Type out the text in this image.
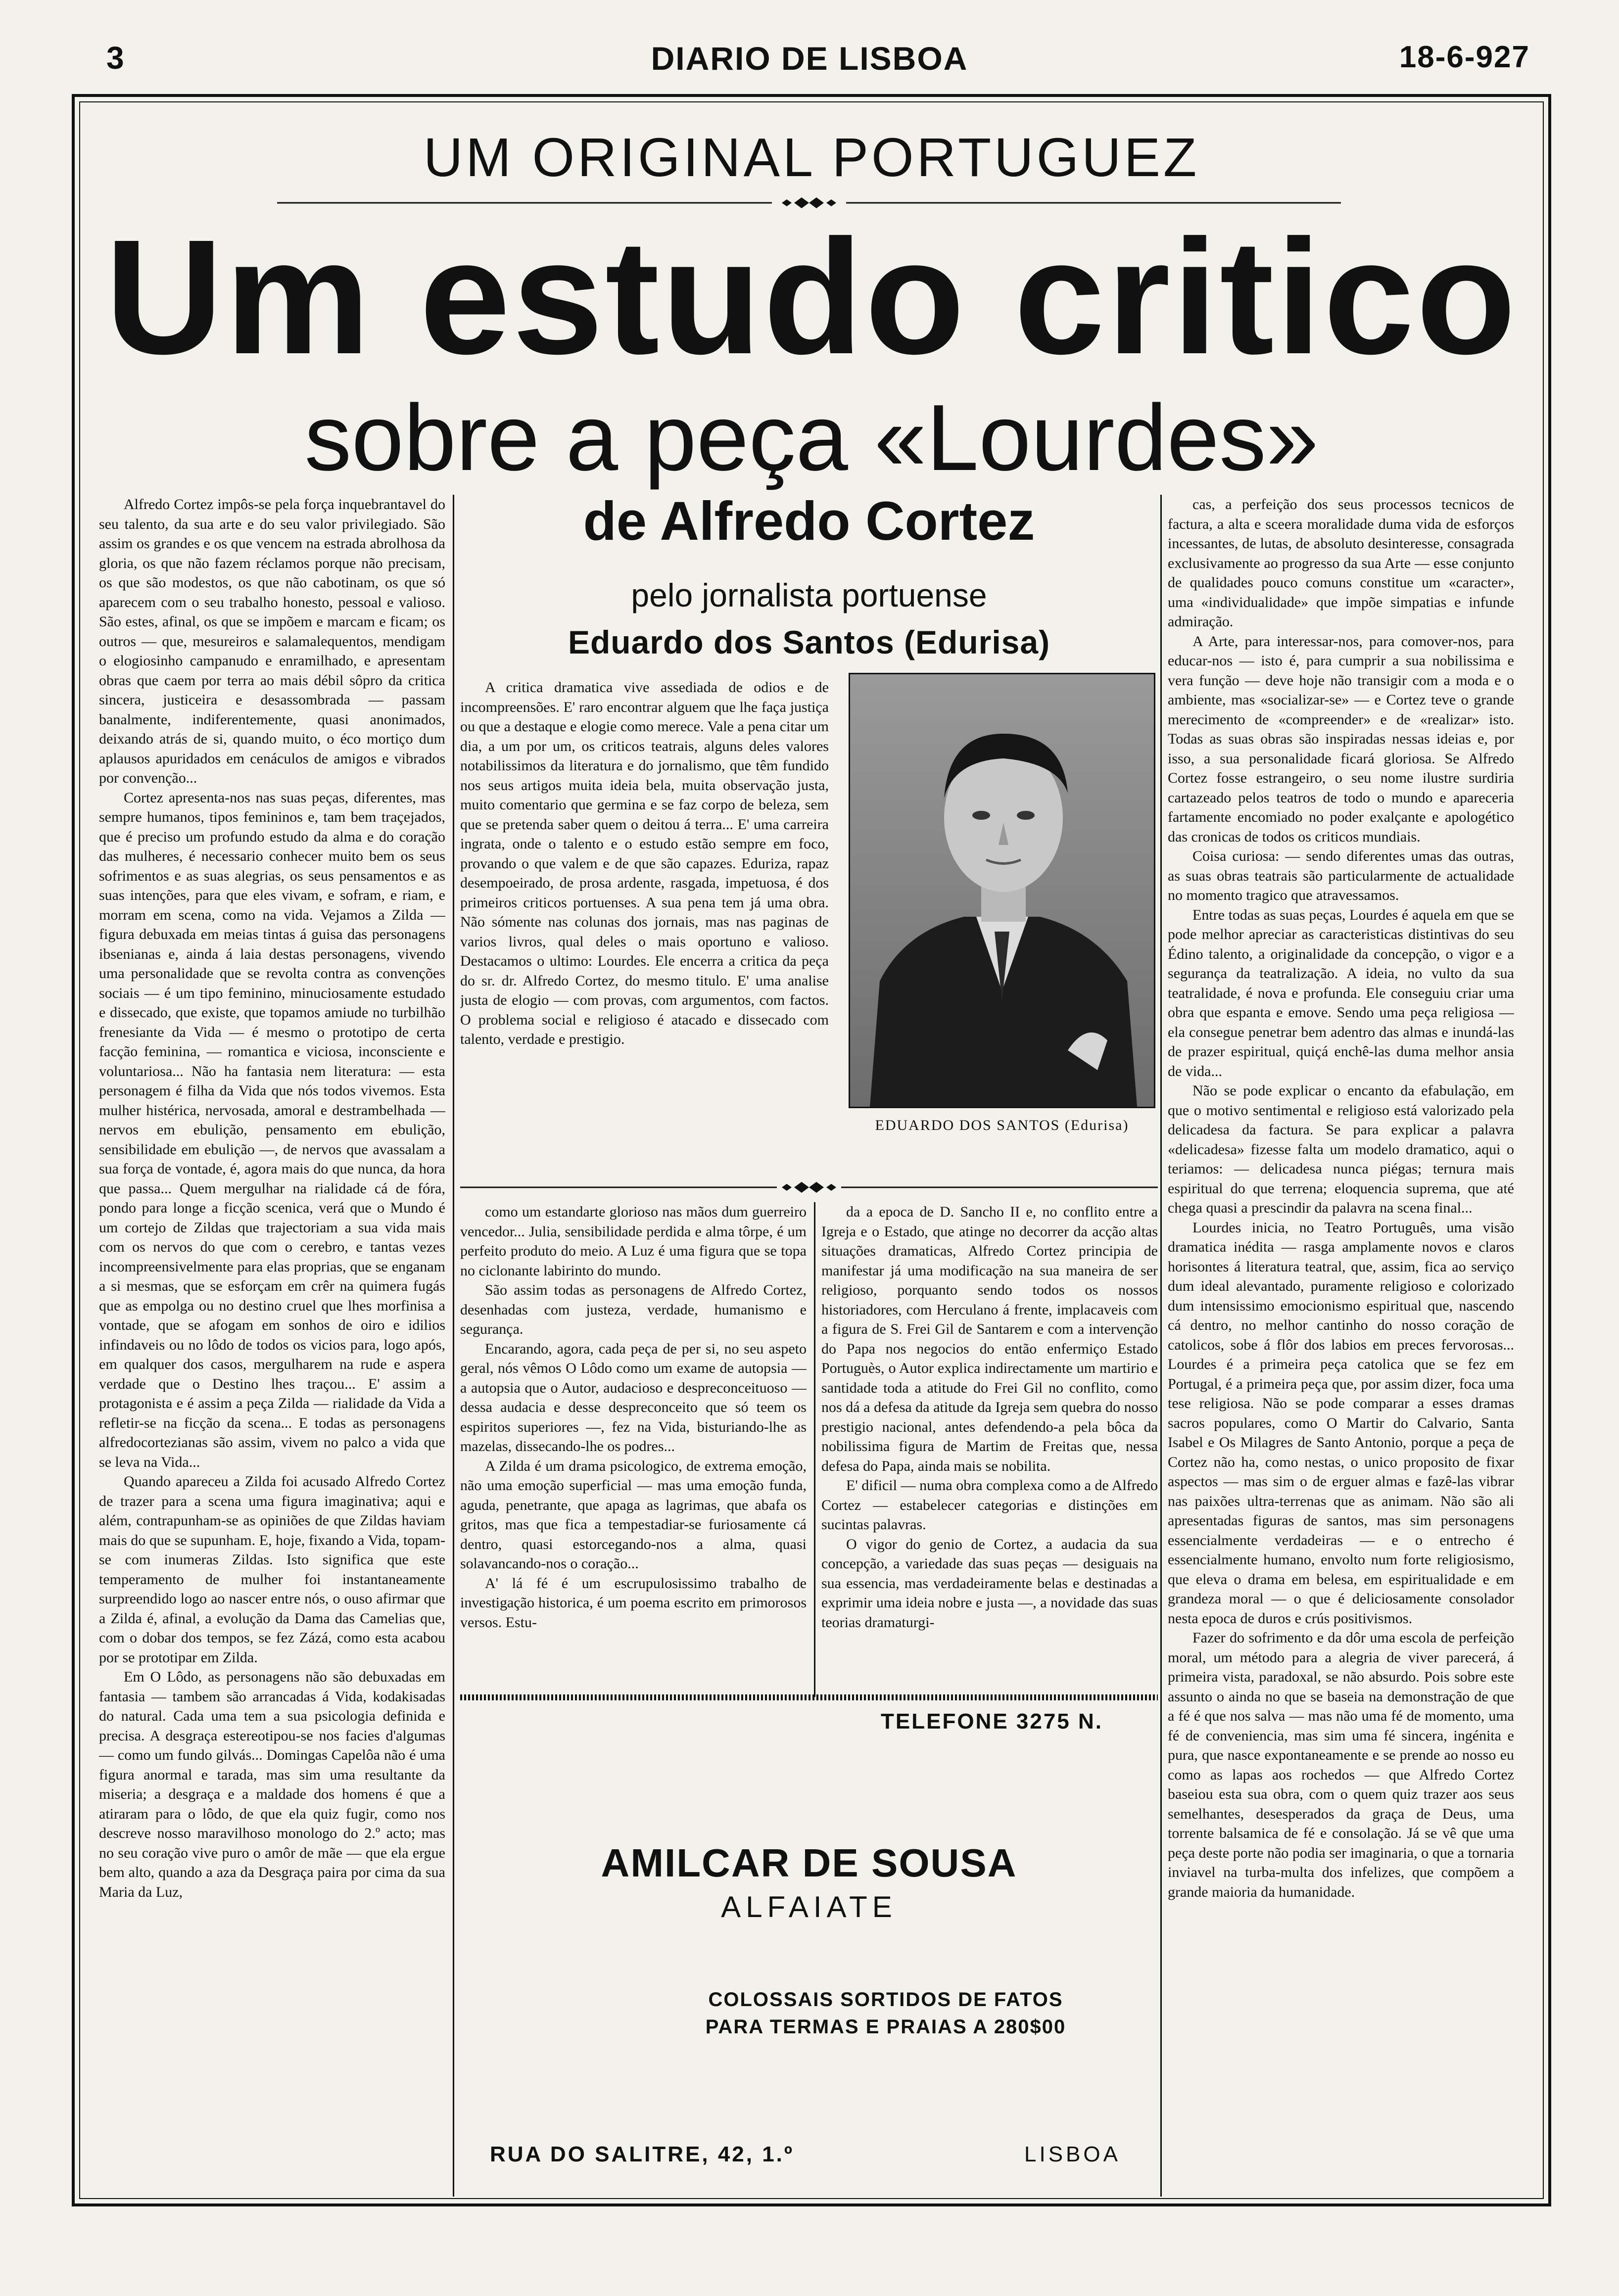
3	DIARIO DE LISBOA	18-6-927
UM ORIGINAL PORTUGUEZ
Um estudo critico
sobre a peça «Lourdes»
de Alfredo Cortez
pelo jornalista portuense
Eduardo dos Santos (Edurisa)

Alfredo Cortez impôs-se pela força inquebrantavel do seu talento, da sua arte e do seu valor privilegiado. São assim os grandes e os que vencem na estrada abrolhosa da gloria, os que não fazem réclamos porque não precisam, os que são modestos, os que não cabotinam, os que só aparecem com o seu trabalho honesto, pessoal e valioso. São estes, afinal, os que se impõem e marcam e ficam; os outros — que, mesureiros e salamalequentos, mendigam o elogiosinho campanudo e enramilhado, e apresentam obras que caem por terra ao mais débil sôpro da critica sincera, justiceira e desassombrada — passam banalmente, indiferentemente, quasi anonimados, deixando atrás de si, quando muito, o éco mortiço dum aplausos apuridados em cenáculos de amigos e vibrados por convenção...

Cortez apresenta-nos nas suas peças, diferentes, mas sempre humanos, tipos femininos e, tam bem traçejados, que é preciso um profundo estudo da alma e do coração das mulheres, é necessario conhecer muito bem os seus sofrimentos e as suas alegrias, os seus pensamentos e as suas intenções, para que eles vivam, e sofram, e riam, e morram em scena, como na vida. Vejamos a Zilda — figura debuxada em meias tintas á guisa das personagens ibsenianas e, ainda á laia destas personagens, vivendo uma personalidade que se revolta contra as convenções sociais — é um tipo feminino, minuciosamente estudado e dissecado, que existe, que topamos amiude no turbilhão frenesiante da Vida — é mesmo o prototipo de certa facção feminina, — romantica e viciosa, inconsciente e voluntariosa... Não ha fantasia nem literatura: — esta personagem é filha da Vida que nós todos vivemos. Esta mulher histérica, nervosada, amoral e destrambelhada — nervos em ebulição, pensamento em ebulição, sensibilidade em ebulição —, de nervos que avassalam a sua força de vontade, é, agora mais do que nunca, da hora que passa... Quem mergulhar na rialidade cá de fóra, pondo para longe a ficção scenica, verá que o Mundo é um cortejo de Zildas que trajectoriam a sua vida mais com os nervos do que com o cerebro, e tantas vezes incompreensivelmente para elas proprias, que se enganam a si mesmas, que se esforçam em crêr na quimera fugás que as empolga ou no destino cruel que lhes morfinisa a vontade, que se afogam em sonhos de oiro e idilios infindaveis ou no lôdo de todos os vicios para, logo após, em qualquer dos casos, mergulharem na rude e aspera verdade que o Destino lhes traçou... E' assim a protagonista e é assim a peça Zilda — rialidade da Vida a refletir-se na ficção da scena... E todas as personagens alfredocortezianas são assim, vivem no palco a vida que se leva na Vida...

Quando apareceu a Zilda foi acusado Alfredo Cortez de trazer para a scena uma figura imaginativa; aqui e além, contrapunham-se as opiniões de que Zildas haviam mais do que se supunham. E, hoje, fixando a Vida, topam-se com inumeras Zildas. Isto significa que este temperamento de mulher foi instantaneamente surpreendido logo ao nascer entre nós, o ouso afirmar que a Zilda é, afinal, a evolução da Dama das Camelias que, com o dobar dos tempos, se fez Zázá, como esta acabou por se prototipar em Zilda.

Em O Lôdo, as personagens não são debuxadas em fantasia — tambem são arrancadas á Vida, kodakisadas do natural. Cada uma tem a sua psicologia definida e precisa. A desgraça estereotipou-se nos facies d'algumas — como um fundo gilvás... Domingas Capelôa não é uma figura anormal e tarada, mas sim uma resultante da miseria; a desgraça e a maldade dos homens é que a atiraram para o lôdo, de que ela quiz fugir, como nos descreve nosso maravilhoso monologo do 2.º acto; mas no seu coração vive puro o amôr de mãe — que ela ergue bem alto, quando a aza da Desgraça paira por cima da sua Maria da Luz,

A critica dramatica vive assediada de odios e de incompreensões. E' raro encontrar alguem que lhe faça justiça ou que a destaque e elogie como merece. Vale a pena citar um dia, a um por um, os criticos teatrais, alguns deles valores notabilissimos da literatura e do jornalismo, que têm fundido nos seus artigos muita ideia bela, muita observação justa, muito comentario que germina e se faz corpo de beleza, sem que se pretenda saber quem o deitou á terra... E' uma carreira ingrata, onde o talento e o estudo estão sempre em foco, provando o que valem e de que são capazes. Eduriza, rapaz desempoeirado, de prosa ardente, rasgada, impetuosa, é dos primeiros criticos portuenses. A sua pena tem já uma obra. Não sómente nas colunas dos jornais, mas nas paginas de varios livros, qual deles o mais oportuno e valioso. Destacamos o ultimo: Lourdes. Ele encerra a critica da peça do sr. dr. Alfredo Cortez, do mesmo titulo. E' uma analise justa de elogio — com provas, com argumentos, com factos. O problema social e religioso é atacado e dissecado com talento, verdade e prestigio.

EDUARDO DOS SANTOS (Edurisa)

como um estandarte glorioso nas mãos dum guerreiro vencedor... Julia, sensibilidade perdida e alma tôrpe, é um perfeito produto do meio. A Luz é uma figura que se topa no ciclonante labirinto do mundo.

São assim todas as personagens de Alfredo Cortez, desenhadas com justeza, verdade, humanismo e segurança.

Encarando, agora, cada peça de per si, no seu aspeto geral, nós vêmos O Lôdo como um exame de autopsia — a autopsia que o Autor, audacioso e despreconceituoso — dessa audacia e desse despreconceito que só teem os espiritos superiores —, fez na Vida, bisturiando-lhe as mazelas, dissecando-lhe os podres...

A Zilda é um drama psicologico, de extrema emoção, não uma emoção superficial — mas uma emoção funda, aguda, penetrante, que apaga as lagrimas, que abafa os gritos, mas que fica a tempestadiar-se furiosamente cá dentro, quasi estorcegando-nos a alma, quasi solavancando-nos o coração...

A' lá fé é um escrupulosissimo trabalho de investigação historica, é um poema escrito em primorosos versos. Estu-

da a epoca de D. Sancho II e, no conflito entre a Igreja e o Estado, que atinge no decorrer da acção altas situações dramaticas, Alfredo Cortez principia de manifestar já uma modificação na sua maneira de ser religioso, porquanto sendo todos os nossos historiadores, com Herculano á frente, implacaveis com a figura de S. Frei Gil de Santarem e com a intervenção do Papa nos negocios do então enfermiço Estado Portuguès, o Autor explica indirectamente um martirio e santidade toda a atitude do Frei Gil no conflito, como nos dá a defesa da atitude da Igreja sem quebra do nosso prestigio nacional, antes defendendo-a pela bôca da nobilissima figura de Martim de Freitas que, nessa defesa do Papa, ainda mais se nobilita.

E' dificil — numa obra complexa como a de Alfredo Cortez — estabelecer categorias e distinções em sucintas palavras.

O vigor do genio de Cortez, a audacia da sua concepção, a variedade das suas peças — desiguais na sua essencia, mas verdadeiramente belas e destinadas a exprimir uma ideia nobre e justa —, a novidade das suas teorias dramaturgi-

cas, a perfeição dos seus processos tecnicos de factura, a alta e sceera moralidade duma vida de esforços incessantes, de lutas, de absoluto desinteresse, consagrada exclusivamente ao progresso da sua Arte — esse conjunto de qualidades pouco comuns constitue um «caracter», uma «individualidade» que impõe simpatias e infunde admiração.

A Arte, para interessar-nos, para comover-nos, para educar-nos — isto é, para cumprir a sua nobilissima e vera função — deve hoje não transigir com a moda e o ambiente, mas «socializar-se» — e Cortez teve o grande merecimento de «compreender» e de «realizar» isto. Todas as suas obras são inspiradas nessas ideias e, por isso, a sua personalidade ficará gloriosa. Se Alfredo Cortez fosse estrangeiro, o seu nome ilustre surdiria cartazeado pelos teatros de todo o mundo e apareceria fartamente encomiado no poder exalçante e apologético das cronicas de todos os criticos mundiais.

Coisa curiosa: — sendo diferentes umas das outras, as suas obras teatrais são particularmente de actualidade no momento tragico que atravessamos.

Entre todas as suas peças, Lourdes é aquela em que se pode melhor apreciar as caracteristicas distintivas do seu Édino talento, a originalidade da concepção, o vigor e a segurança da teatralização. A ideia, no vulto da sua teatralidade, é nova e profunda. Ele conseguiu criar uma obra que espanta e emove. Sendo uma peça religiosa — ela consegue penetrar bem adentro das almas e inundá-las de prazer espiritual, quiçá enchê-las duma melhor ansia de vida...

Não se pode explicar o encanto da efabulação, em que o motivo sentimental e religioso está valorizado pela delicadesa da factura. Se para explicar a palavra «delicadesa» fizesse falta um modelo dramatico, aqui o teriamos: — delicadesa nunca piégas; ternura mais espiritual do que terrena; eloquencia suprema, que até chega quasi a prescindir da palavra na scena final...

Lourdes inicia, no Teatro Português, uma visão dramatica inédita — rasga amplamente novos e claros horisontes á literatura teatral, que, assim, fica ao serviço dum ideal alevantado, puramente religioso e colorizado dum intensissimo emocionismo espiritual que, nascendo cá dentro, no melhor cantinho do nosso coração de catolicos, sobe á flôr dos labios em preces fervorosas... Lourdes é a primeira peça catolica que se fez em Portugal, é a primeira peça que, por assim dizer, foca uma tese religiosa. Não se pode comparar a esses dramas sacros populares, como O Martir do Calvario, Santa Isabel e Os Milagres de Santo Antonio, porque a peça de Cortez não ha, como nestas, o unico proposito de fixar aspectos — mas sim o de erguer almas e fazê-las vibrar nas paixões ultra-terrenas que as animam. Não são ali apresentadas figuras de santos, mas sim personagens essencialmente verdadeiras — e o entrecho é essencialmente humano, envolto num forte religiosismo, que eleva o drama em belesa, em espiritualidade e em grandeza moral — o que é deliciosamente consolador nesta epoca de duros e crús positivismos.

Fazer do sofrimento e da dôr uma escola de perfeição moral, um método para a alegria de viver parecerá, á primeira vista, paradoxal, se não absurdo. Pois sobre este assunto o ainda no que se baseia na demonstração de que a fé é que nos salva — mas não uma fé de momento, uma fé de conveniencia, mas sim uma fé sincera, ingénita e pura, que nasce expontaneamente e se prende ao nosso eu como as lapas aos rochedos — que Alfredo Cortez baseiou esta sua obra, com o quem quiz trazer aos seus semelhantes, desesperados da graça de Deus, uma torrente balsamica de fé e consolação. Já se vê que uma peça deste porte não podia ser imaginaria, o que a tornaria inviavel na turba-multa dos infelizes, que compõem a grande maioria da humanidade.

TELEFONE 3275 N.
AMILCAR DE SOUSA
ALFAIATE
COLOSSAIS SORTIDOS DE FATOS
PARA TERMAS E PRAIAS A 280$00
RUA DO SALITRE, 42, 1.º	LISBOA
